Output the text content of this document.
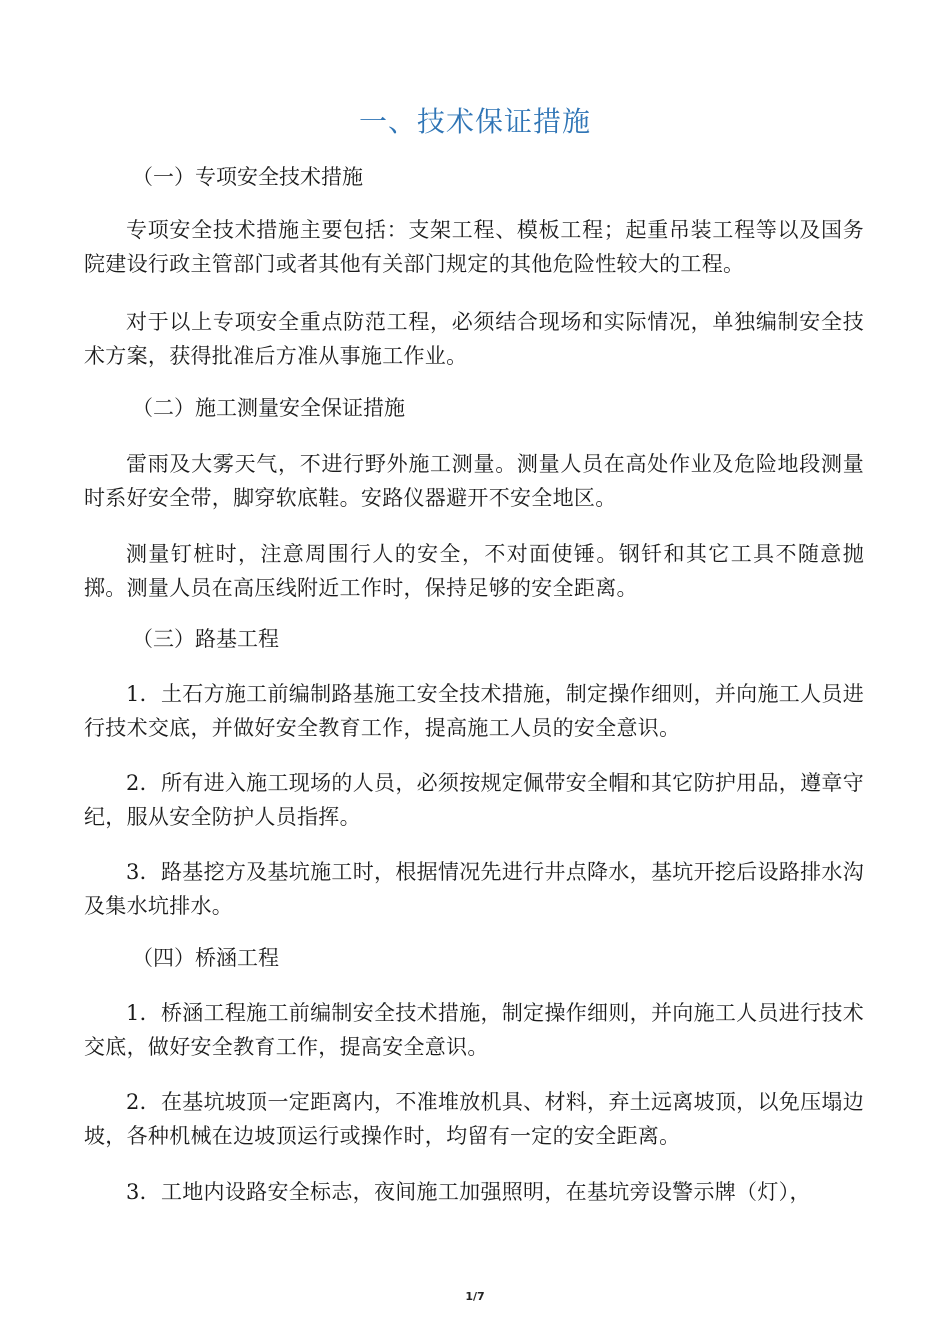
一、技术保证措施
（一）专项安全技术措施
专项安全技术措施主要包括：支架工程、模板工程；起重吊装工程等以及国务院建设行政主管部门或者其他有关部门规定的其他危险性较大的工程。
对于以上专项安全重点防范工程，必须结合现场和实际情况，单独编制安全技术方案，获得批准后方准从事施工作业。
（二）施工测量安全保证措施
雷雨及大雾天气，不进行野外施工测量。测量人员在高处作业及危险地段测量时系好安全带，脚穿软底鞋。安路仪器避开不安全地区。
测量钉桩时，注意周围行人的安全，不对面使锤。钢钎和其它工具不随意抛掷。测量人员在高压线附近工作时，保持足够的安全距离。
（三）路基工程
1．土石方施工前编制路基施工安全技术措施，制定操作细则，并向施工人员进行技术交底，并做好安全教育工作，提高施工人员的安全意识。
2．所有进入施工现场的人员，必须按规定佩带安全帽和其它防护用品，遵章守纪，服从安全防护人员指挥。
3．路基挖方及基坑施工时，根据情况先进行井点降水，基坑开挖后设路排水沟及集水坑排水。
（四）桥涵工程
1．桥涵工程施工前编制安全技术措施，制定操作细则，并向施工人员进行技术交底，做好安全教育工作，提高安全意识。
2．在基坑坡顶一定距离内，不准堆放机具、材料，弃土远离坡顶，以免压塌边坡，各种机械在边坡顶运行或操作时，均留有一定的安全距离。
3．工地内设路安全标志，夜间施工加强照明，在基坑旁设警示牌（灯），
1/7
